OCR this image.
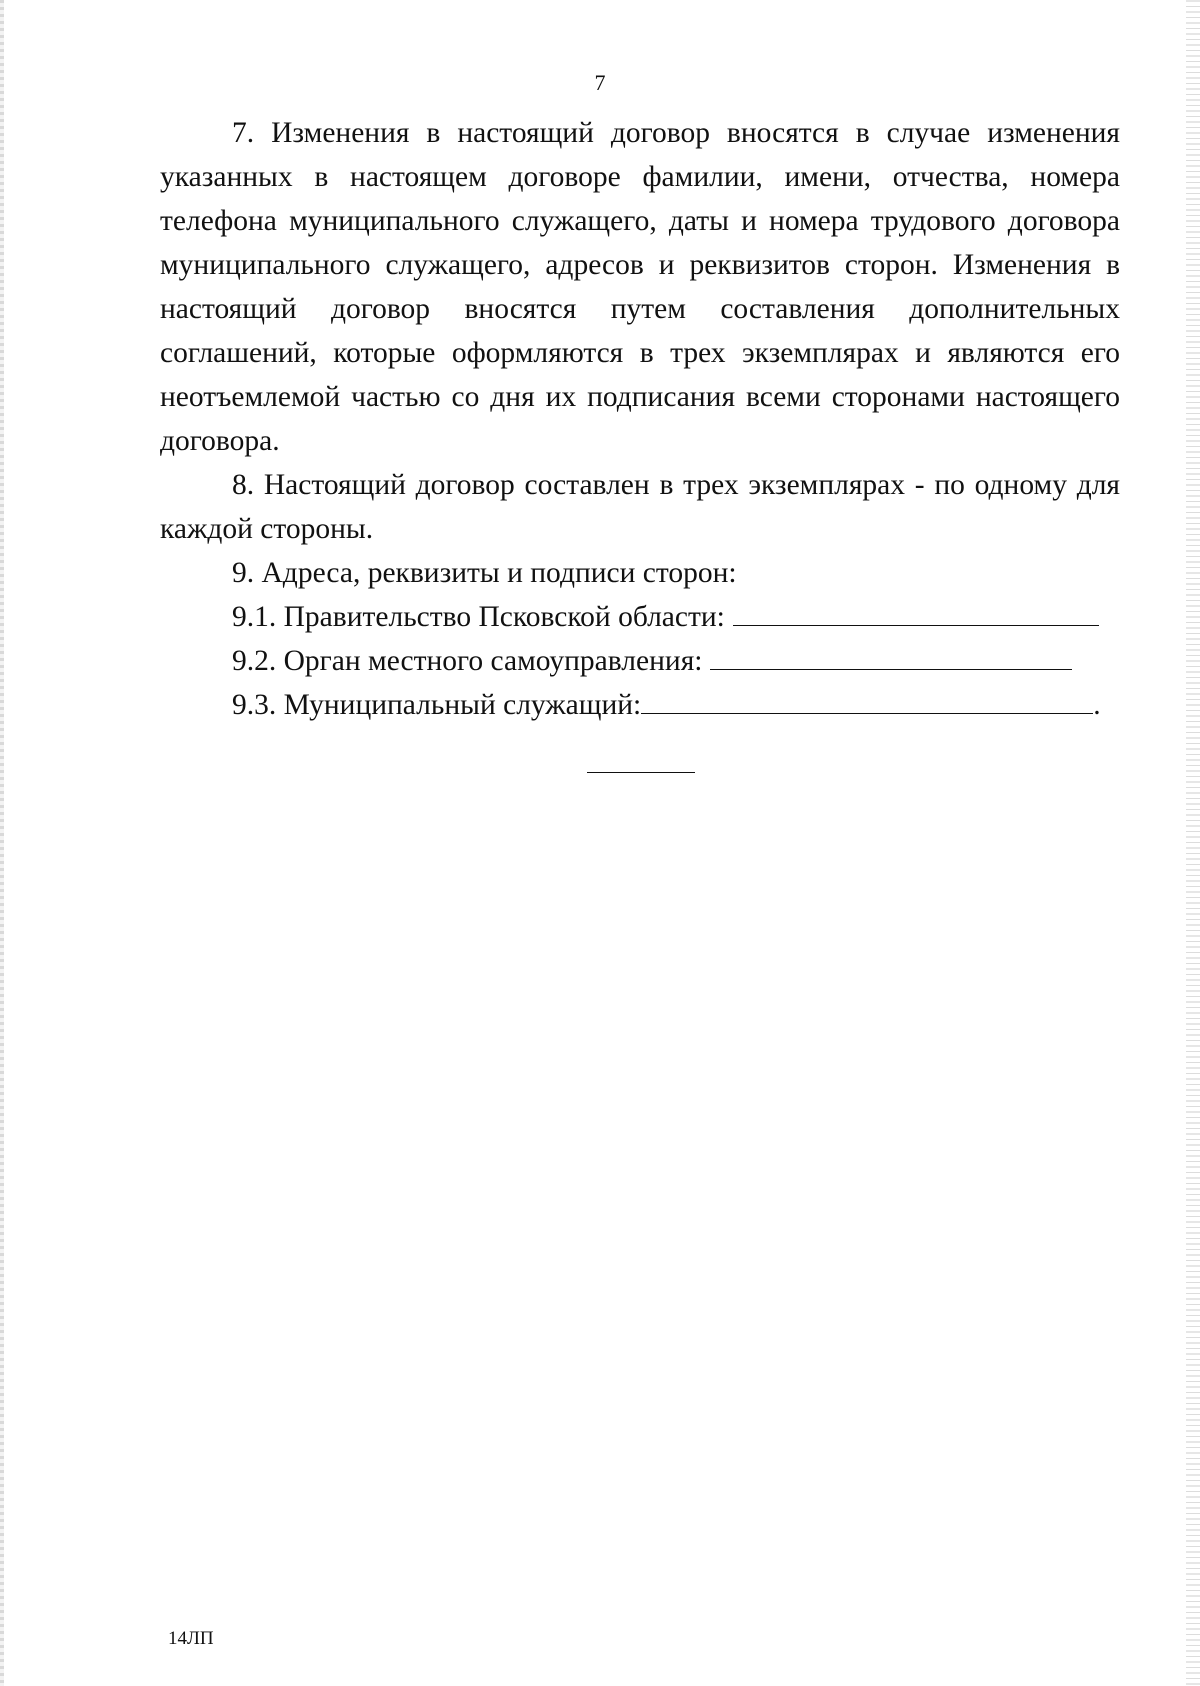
7

7. Изменения в настоящий договор вносятся в случае изменения указанных в настоящем договоре фамилии, имени, отчества, номера телефона муниципального служащего, даты и номера трудового договора муниципального служащего, адресов и реквизитов сторон. Изменения в настоящий договор вносятся путем составления дополнительных соглашений, которые оформляются в трех экземплярах и являются его неотъемлемой частью со дня их подписания всеми сторонами настоящего договора.

8. Настоящий договор составлен в трех экземплярах - по одному для каждой стороны.

9. Адреса, реквизиты и подписи сторон:

9.1. Правительство Псковской области:

9.2. Орган местного самоуправления:

9.3. Муниципальный служащий:	.

14ЛП
